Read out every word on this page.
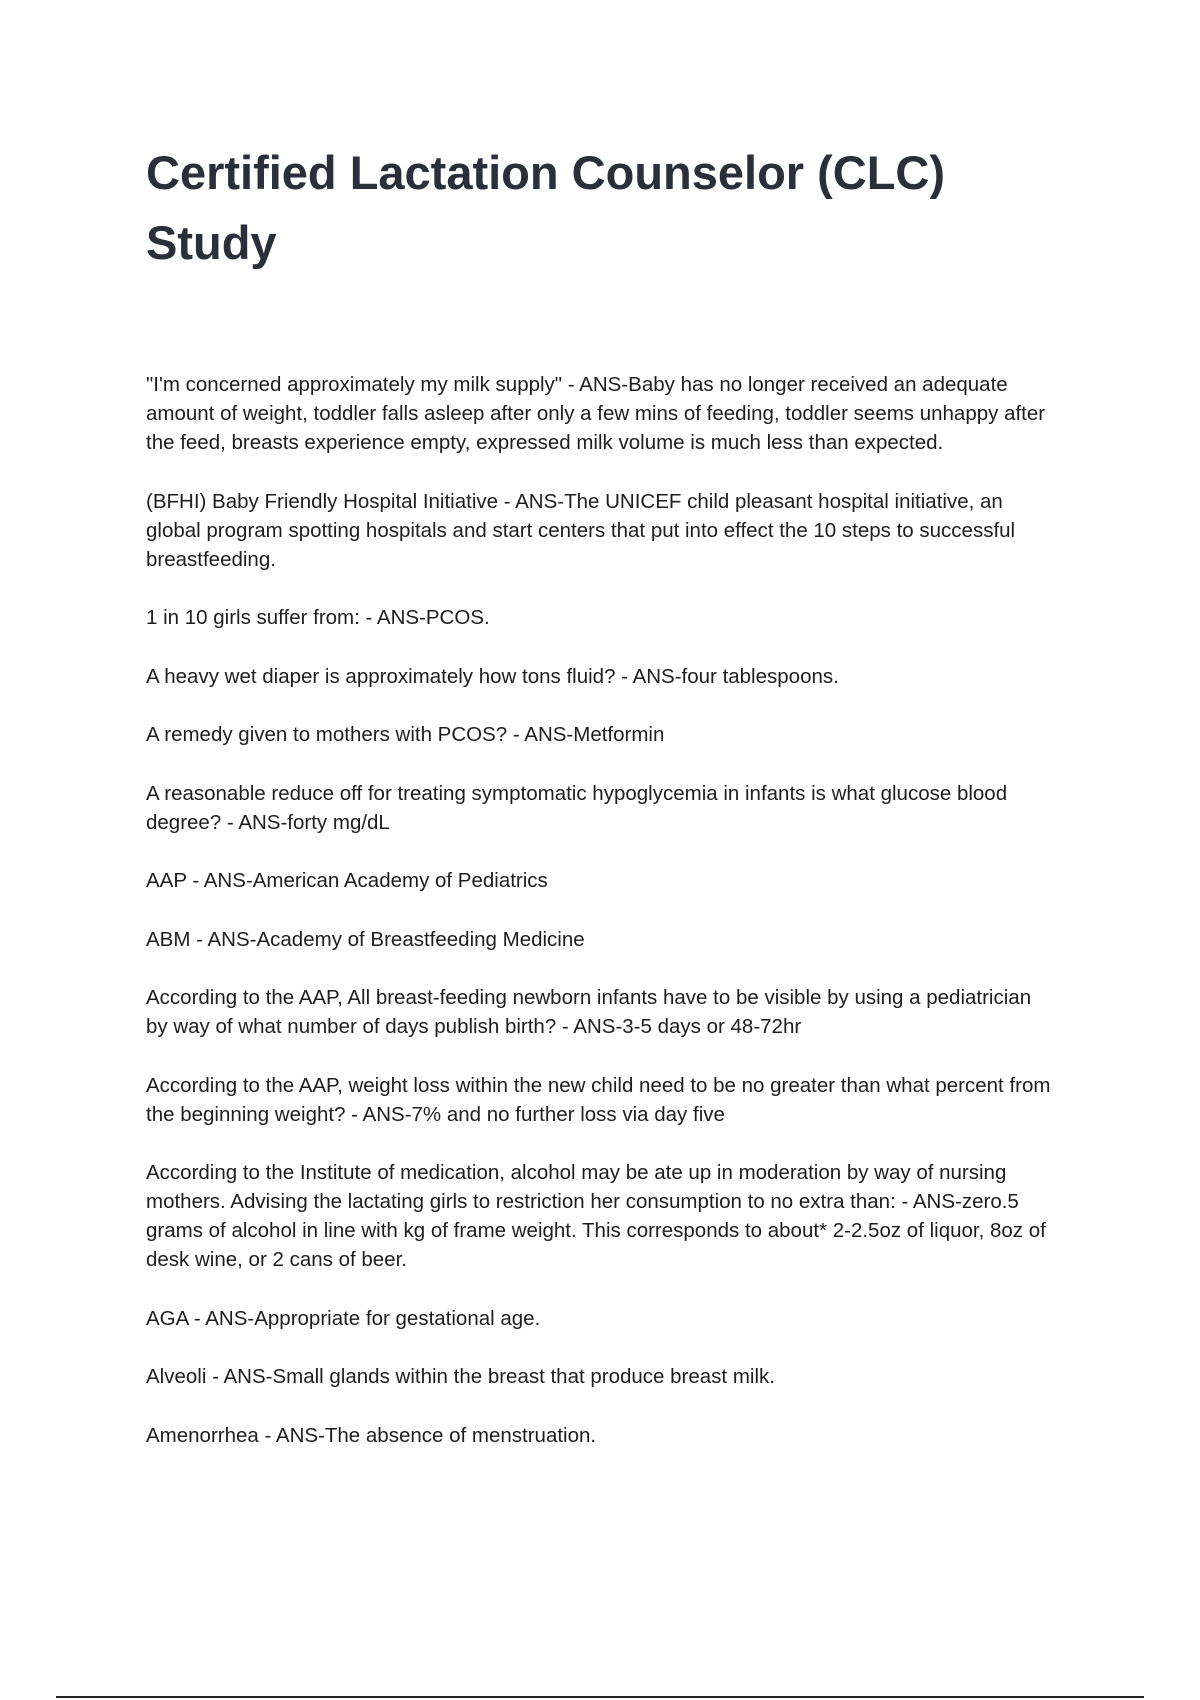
Certified Lactation Counselor (CLC) Study

"I'm concerned approximately my milk supply" - ANS-Baby has no longer received an adequate amount of weight, toddler falls asleep after only a few mins of feeding, toddler seems unhappy after the feed, breasts experience empty, expressed milk volume is much less than expected.

(BFHI) Baby Friendly Hospital Initiative - ANS-The UNICEF child pleasant hospital initiative, an global program spotting hospitals and start centers that put into effect the 10 steps to successful breastfeeding.

1 in 10 girls suffer from: - ANS-PCOS.

A heavy wet diaper is approximately how tons fluid? - ANS-four tablespoons.

A remedy given to mothers with PCOS? - ANS-Metformin

A reasonable reduce off for treating symptomatic hypoglycemia in infants is what glucose blood degree? - ANS-forty mg/dL

AAP - ANS-American Academy of Pediatrics

ABM - ANS-Academy of Breastfeeding Medicine

According to the AAP, All breast-feeding newborn infants have to be visible by using a pediatrician by way of what number of days publish birth? - ANS-3-5 days or 48-72hr

According to the AAP, weight loss within the new child need to be no greater than what percent from the beginning weight? - ANS-7% and no further loss via day five

According to the Institute of medication, alcohol may be ate up in moderation by way of nursing mothers. Advising the lactating girls to restriction her consumption to no extra than: - ANS-zero.5 grams of alcohol in line with kg of frame weight. This corresponds to about* 2-2.5oz of liquor, 8oz of desk wine, or 2 cans of beer.

AGA - ANS-Appropriate for gestational age.

Alveoli - ANS-Small glands within the breast that produce breast milk.

Amenorrhea - ANS-The absence of menstruation.
